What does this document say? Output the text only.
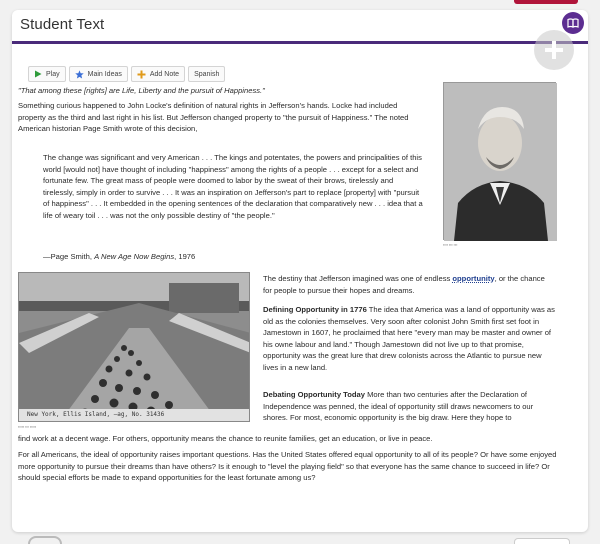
Student Text
Play	Main Ideas	Add Note Spanish
"That among these [rights] are Life, Liberty and the pursuit of Happiness."
Something curious happened to John Locke's definition of natural rights in Jefferson's hands. Locke had included property as the third and last right in his list. But Jefferson changed property to "the pursuit of Happiness." The noted American historian Page Smith wrote of this decision,
The change was significant and very American . . . The kings and potentates, the powers and principalities of this world [would not] have thought of including "happiness" among the rights of a people . . . except for a select and fortunate few. The great mass of people were doomed to labor by the sweat of their brows, tirelessly and tirelessly, simply in order to survive . . . It was an inspiration on Jefferson's part to replace [property] with "pursuit of happiness" . . . It embedded in the opening sentences of the declaration that comparatively new . . . idea that a life of weary toil . . . was not the only possible destiny of "the people."
—Page Smith, A New Age Now Begins, 1976
▪▪▪▪ ▪▪▪ ▪▪▪
New York, Ellis Island, —ag, No. 31436
▪▪▪▪▪ ▪▪▪ ▪▪▪▪▪
The destiny that Jefferson imagined was one of endless opportunity, or the chance for people to pursue their hopes and dreams.
Defining Opportunity in 1776 The idea that America was a land of opportunity was as old as the colonies themselves. Very soon after colonist John Smith first set foot in Jamestown in 1607, he proclaimed that here "every man may be master and owner of his owne labour and land." Though Jamestown did not live up to that promise, opportunity was the great lure that drew colonists across the Atlantic to pursue new lives in a new land.
Debating Opportunity Today More than two centuries after the Declaration of Independence was penned, the ideal of opportunity still draws newcomers to our shores. For most, economic opportunity is the big draw. Here they hope to
find work at a decent wage. For others, opportunity means the chance to reunite families, get an education, or live in peace.
For all Americans, the ideal of opportunity raises important questions. Has the United States offered equal opportunity to all of its people? Or have some enjoyed more opportunity to pursue their dreams than have others? Is it enough to "level the playing field" so that everyone has the same chance to succeed in life? Or should special efforts be made to expand opportunities for the least fortunate among us?
